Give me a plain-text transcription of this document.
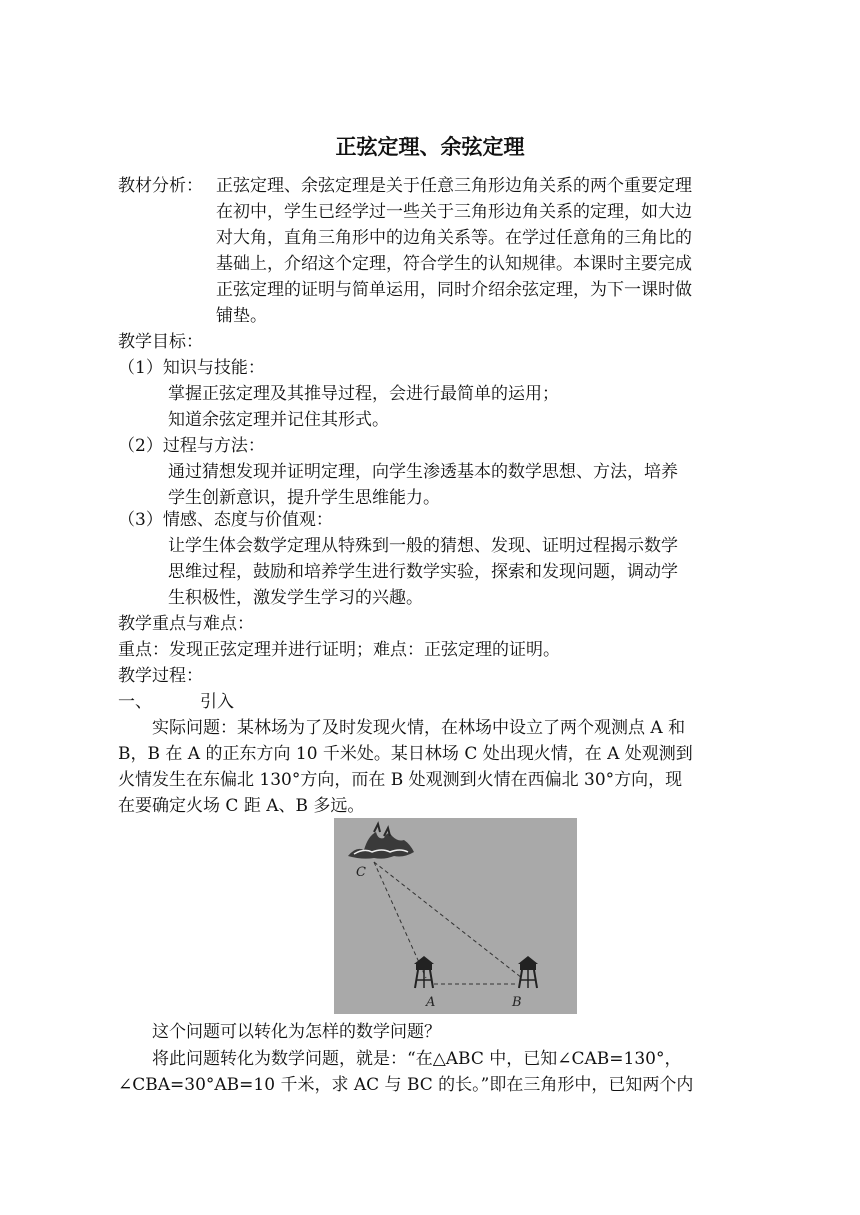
正弦定理、余弦定理
教材分析： 正弦定理、余弦定理是关于任意三角形边角关系的两个重要定理
在初中，学生已经学过一些关于三角形边角关系的定理，如大边
对大角，直角三角形中的边角关系等。在学过任意角的三角比的
基础上，介绍这个定理，符合学生的认知规律。本课时主要完成
正弦定理的证明与简单运用，同时介绍余弦定理，为下一课时做
铺垫。
教学目标：
（1）知识与技能：
掌握正弦定理及其推导过程，会进行最简单的运用；
知道余弦定理并记住其形式。
（2）过程与方法：
通过猜想发现并证明定理，向学生渗透基本的数学思想、方法，培养
学生创新意识，提升学生思维能力。
（3）情感、态度与价值观：
让学生体会数学定理从特殊到一般的猜想、发现、证明过程揭示数学
思维过程，鼓励和培养学生进行数学实验，探索和发现问题，调动学
生积极性，激发学生学习的兴趣。
教学重点与难点：
重点：发现正弦定理并进行证明；难点：正弦定理的证明。
教学过程：
一、	引入
实际问题：某林场为了及时发现火情，在林场中设立了两个观测点 A 和
B，B 在 A 的正东方向 10 千米处。某日林场 C 处出现火情，在 A 处观测到
火情发生在东偏北 130°方向，而在 B 处观测到火情在西偏北 30°方向，现
在要确定火场 C 距 A、B 多远。
C
A	B
这个问题可以转化为怎样的数学问题？
将此问题转化为数学问题，就是：“在△ABC 中，已知∠CAB=130°，
∠CBA=30°AB=10 千米，求 AC 与 BC 的长。”即在三角形中，已知两个内
